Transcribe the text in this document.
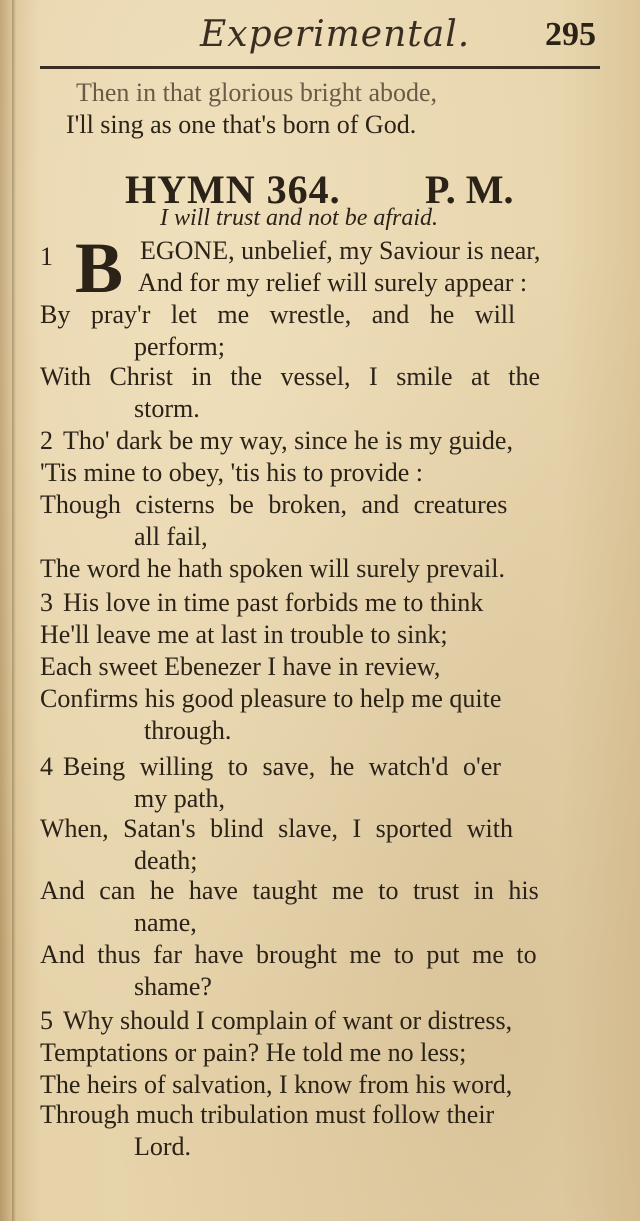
Experimental. 295
Then in that glorious bright abode,
I'll sing as one that's born of God.
HYMN 364. P. M.
I will trust and not be afraid.
1 B EGONE, unbelief, my Saviour is near,
And for my relief will surely appear :
By pray'r let me wrestle, and he will
perform;
With Christ in the vessel, I smile at the
storm.
2 Tho' dark be my way, since he is my guide,
'Tis mine to obey, 'tis his to provide :
Though cisterns be broken, and creatures
all fail,
The word he hath spoken will surely prevail.
3 His love in time past forbids me to think
He'll leave me at last in trouble to sink;
Each sweet Ebenezer I have in review,
Confirms his good pleasure to help me quite
through.
4 Being willing to save, he watch'd o'er
my path,
When, Satan's blind slave, I sported with
death;
And can he have taught me to trust in his
name,
And thus far have brought me to put me to
shame?
5 Why should I complain of want or distress,
Temptations or pain? He told me no less;
The heirs of salvation, I know from his word,
Through much tribulation must follow their
Lord.
